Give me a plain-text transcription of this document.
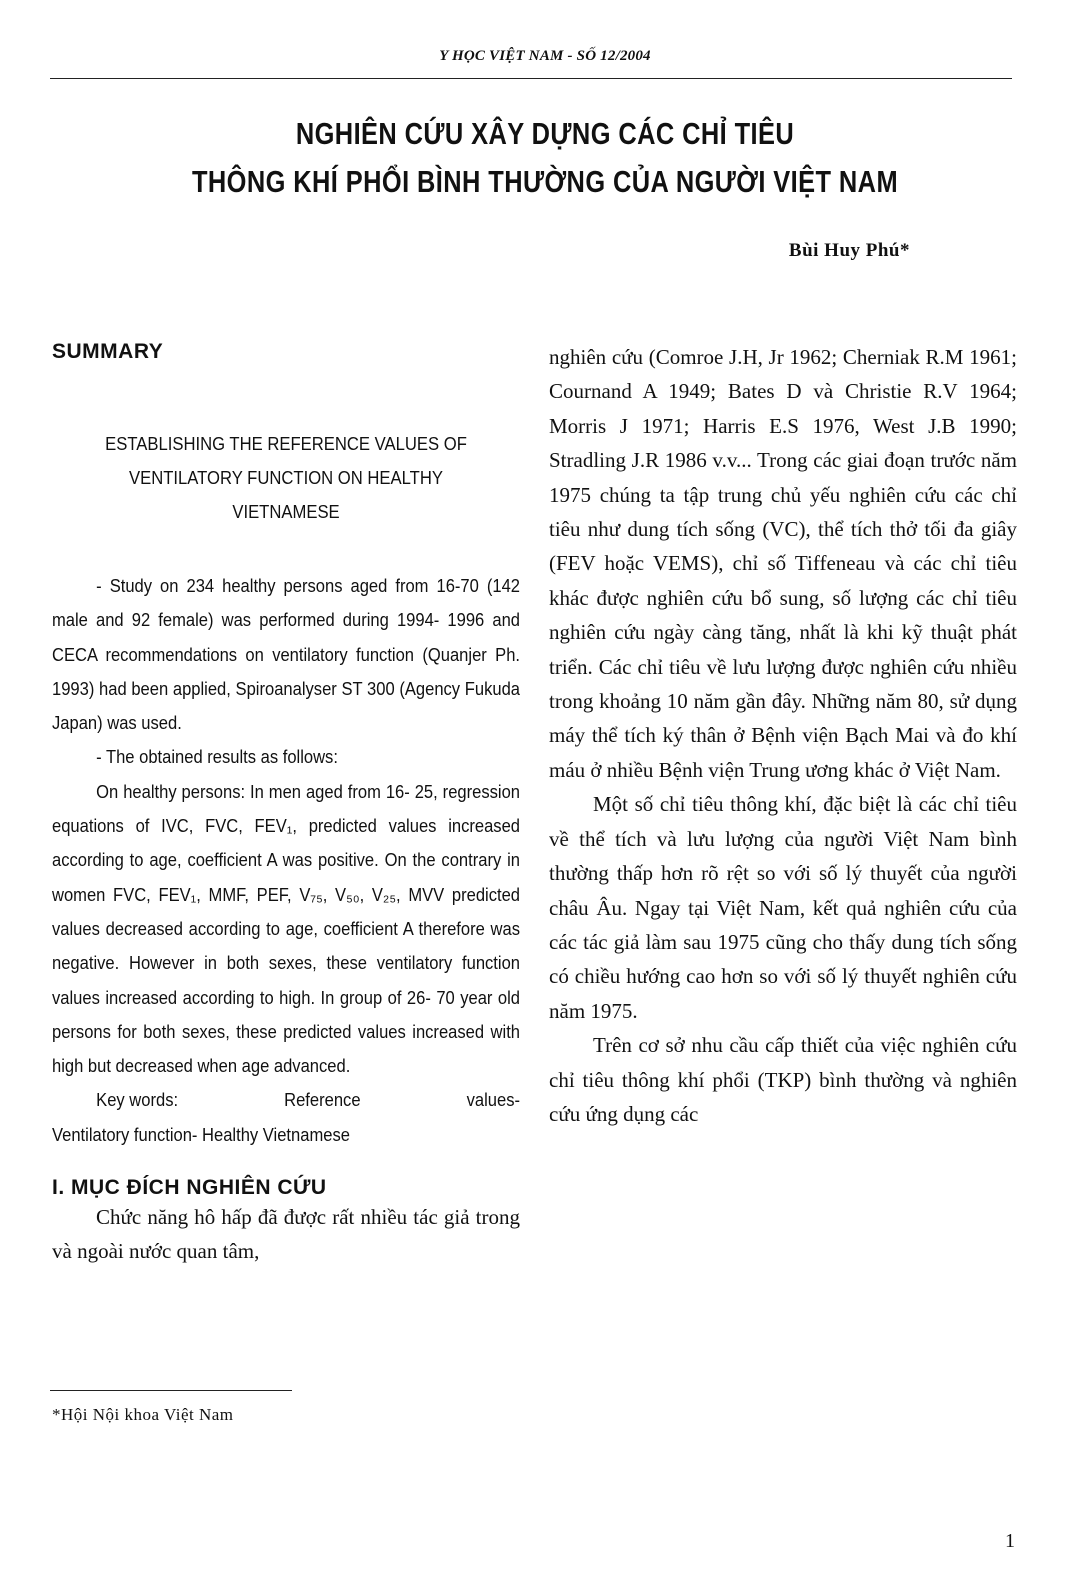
Y HỌC VIỆT NAM - SỐ 12/2004
NGHIÊN CỨU XÂY DỰNG CÁC CHỈ TIÊU
THÔNG KHÍ PHỔI BÌNH THƯỜNG CỦA NGƯỜI VIỆT NAM
Bùi Huy Phú*
SUMMARY
ESTABLISHING THE REFERENCE VALUES OF
VENTILATORY FUNCTION ON HEALTHY
VIETNAMESE

- Study on 234 healthy persons aged from 16-70 (142 male and 92 female) was performed during 1994- 1996 and CECA recommendations on ventilatory function (Quanjer Ph. 1993) had been applied, Spiroanalyser ST 300 (Agency Fukuda Japan) was used.

- The obtained results as follows:

On healthy persons: In men aged from 16- 25, regression equations of IVC, FVC, FEV₁, predicted values increased according to age, coefficient A was positive. On the contrary in women FVC, FEV₁, MMF, PEF, V₇₅, V₅₀, V₂₅, MVV predicted values decreased according to age, coefficient A therefore was negative. However in both sexes, these ventilatory function values increased according to high. In group of 26- 70 year old persons for both sexes, these predicted values increased with high but decreased when age advanced.

Key words:	Reference	values-
Ventilatory function- Healthy Vietnamese
I. MỤC ĐÍCH NGHIÊN CỨU

Chức năng hô hấp đã được rất nhiều tác giả trong và ngoài nước quan tâm,

nghiên cứu (Comroe J.H, Jr 1962; Cherniak R.M 1961; Cournand A 1949; Bates D và Christie R.V 1964; Morris J 1971; Harris E.S 1976, West J.B 1990; Stradling J.R 1986 v.v... Trong các giai đoạn trước năm 1975 chúng ta tập trung chủ yếu nghiên cứu các chỉ tiêu như dung tích sống (VC), thể tích thở tối đa giây (FEV hoặc VEMS), chỉ số Tiffeneau và các chỉ tiêu khác được nghiên cứu bổ sung, số lượng các chỉ tiêu nghiên cứu ngày càng tăng, nhất là khi kỹ thuật phát triển. Các chỉ tiêu về lưu lượng được nghiên cứu nhiều trong khoảng 10 năm gần đây. Những năm 80, sử dụng máy thể tích ký thân ở Bệnh viện Bạch Mai và đo khí máu ở nhiều Bệnh viện Trung ương khác ở Việt Nam.

Một số chỉ tiêu thông khí, đặc biệt là các chỉ tiêu về thể tích và lưu lượng của người Việt Nam bình thường thấp hơn rõ rệt so với số lý thuyết của người châu Âu. Ngay tại Việt Nam, kết quả nghiên cứu của các tác giả làm sau 1975 cũng cho thấy dung tích sống có chiều hướng cao hơn so với số lý thuyết nghiên cứu năm 1975.

Trên cơ sở nhu cầu cấp thiết của việc nghiên cứu chỉ tiêu thông khí phổi (TKP) bình thường và nghiên cứu ứng dụng các

*Hội Nội khoa Việt Nam
1
